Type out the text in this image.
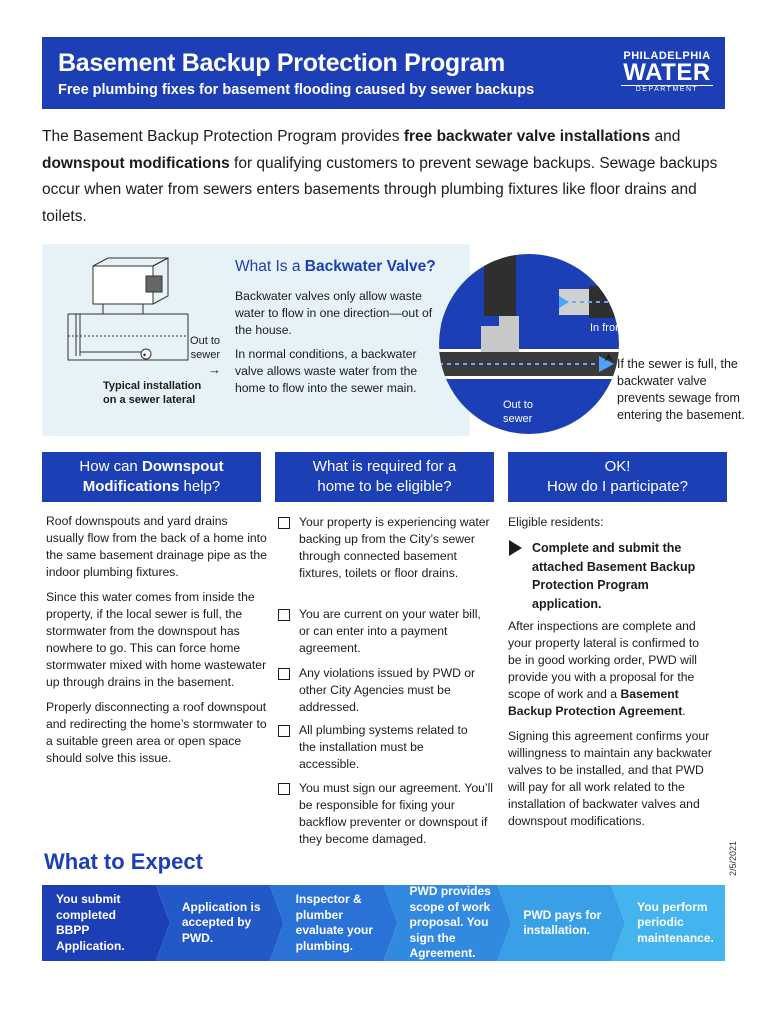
Basement Backup Protection Program
Free plumbing fixes for basement flooding caused by sewer backups
PHILADELPHIA
WATER
DEPARTMENT
The Basement Backup Protection Program provides free backwater valve installations and downspout modifications for qualifying customers to prevent sewage backups. Sewage backups occur when water from sewers enters basements through plumbing fixtures like floor drains and toilets.
✶
Out to sewer
→
Typical installation on a sewer lateral
What Is a Backwater Valve?
Backwater valves only allow waste water to flow in one direction—out of the house.
In normal conditions, a backwater valve allows waste water from the home to flow into the sewer main.
In from sewer
Out to sewer
⮝ If the sewer is full, the backwater valve prevents sewage from entering the basement.
How can Downspout Modifications help?
What is required for a home to be eligible?
OK!
How do I participate?

Roof downspouts and yard drains usually flow from the back of a home into the same basement drainage pipe as the indoor plumbing fixtures.

Since this water comes from inside the property, if the local sewer is full, the stormwater from the downspout has nowhere to go. This can force home stormwater mixed with home wastewater up through drains in the basement.

Properly disconnecting a roof downspout and redirecting the home’s stormwater to a suitable green area or open space should solve this issue.

Your property is experiencing water backing up from the City’s sewer through connected basement fixtures, toilets or floor drains.
You are current on your water bill, or can enter into a payment agreement.
Any violations issued by PWD or other City Agencies must be addressed.
All plumbing systems related to the installation must be accessible.
You must sign our agreement. You’ll be responsible for fixing your backflow preventer or downspout if they become damaged.
Eligible residents:
Complete and submit the attached Basement Backup Protection Program application.
After inspections are complete and your property lateral is confirmed to be in good working order, PWD will provide you with a proposal for the scope of work and a Basement Backup Protection Agreement.
Signing this agreement confirms your willingness to maintain any backwater valves to be installed, and that PWD will pay for all work related to the installation of backwater valves and downspout modifications.
2/5/2021
What to Expect
You submit completed BBPP Application.
Application is accepted by PWD.
Inspector & plumber evaluate your plumbing.
PWD provides scope of work proposal. You sign the Agreement.
PWD pays for installation.
You perform periodic maintenance.
